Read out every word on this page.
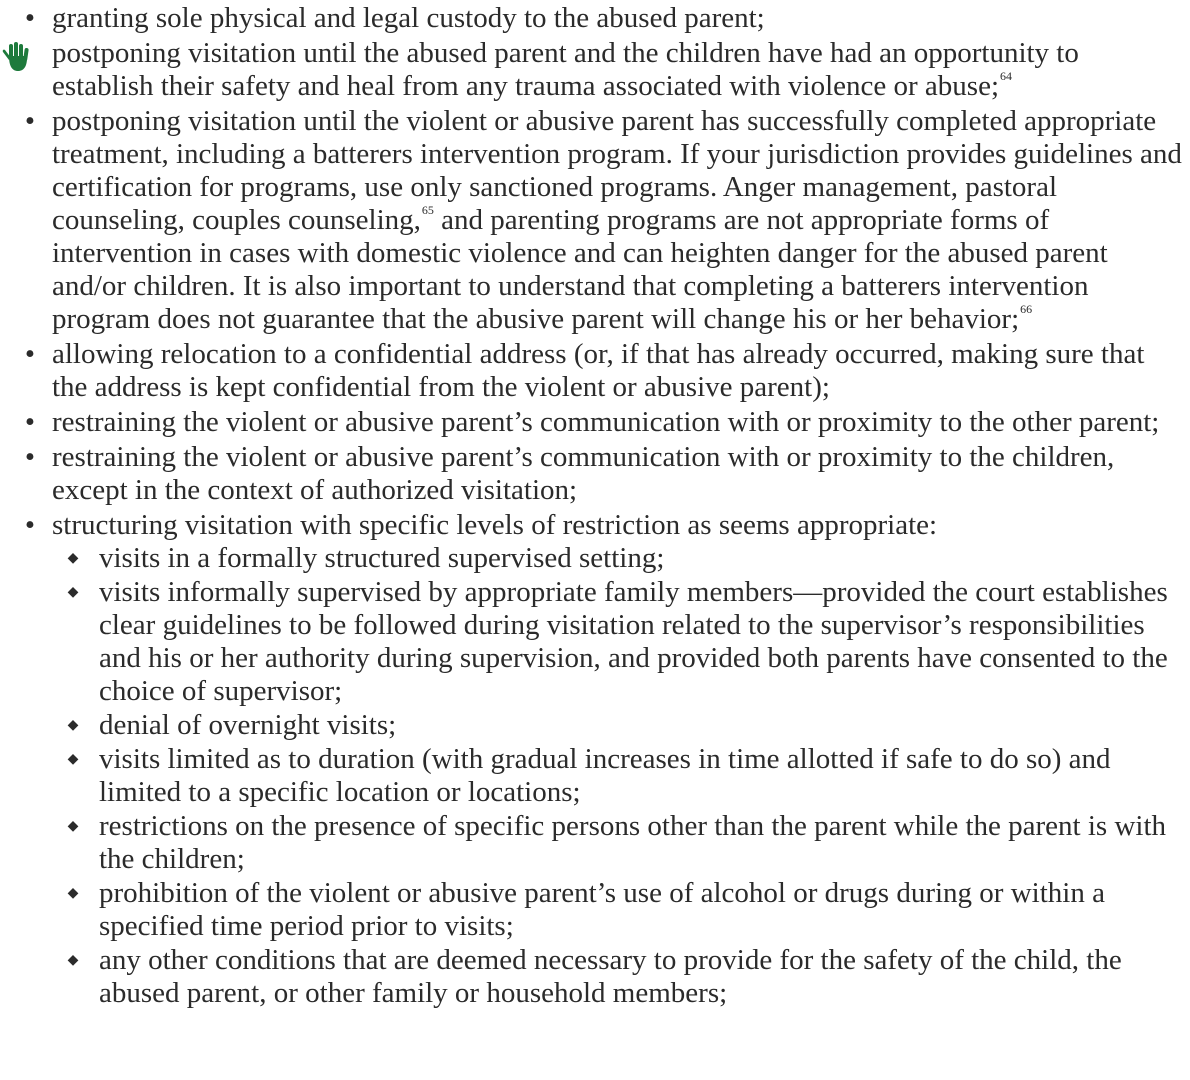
• granting sole physical and legal custody to the abused parent;
postponing visitation until the abused parent and the children have had an opportunity to establish their safety and heal from any trauma associated with violence or abuse;$^{64}$
• postponing visitation until the violent or abusive parent has successfully completed appropriate treatment, including a batterers intervention program. If your jurisdiction provides guidelines and certification for programs, use only sanctioned programs. Anger management, pastoral counseling, couples counseling,$^{65}$ and parenting programs are not appropriate forms of intervention in cases with domestic violence and can heighten danger for the abused parent and/or children. It is also important to understand that completing a batterers intervention program does not guarantee that the abusive parent will change his or her behavior;$^{66}$
• allowing relocation to a confidential address (or, if that has already occurred, making sure that the address is kept confidential from the violent or abusive parent);
• restraining the violent or abusive parent’s communication with or proximity to the other parent;
• restraining the violent or abusive parent’s communication with or proximity to the children, except in the context of authorized visitation;
• structuring visitation with specific levels of restriction as seems appropriate:
◆ visits in a formally structured supervised setting;
◆ visits informally supervised by appropriate family members—provided the court establishes clear guidelines to be followed during visitation related to the supervisor’s responsibilities and his or her authority during supervision, and provided both parents have consented to the choice of supervisor;
◆ denial of overnight visits;
◆ visits limited as to duration (with gradual increases in time allotted if safe to do so) and limited to a specific location or locations;
◆ restrictions on the presence of specific persons other than the parent while the parent is with the children;
◆ prohibition of the violent or abusive parent’s use of alcohol or drugs during or within a specified time period prior to visits;
◆ any other conditions that are deemed necessary to provide for the safety of the child, the abused parent, or other family or household members;
